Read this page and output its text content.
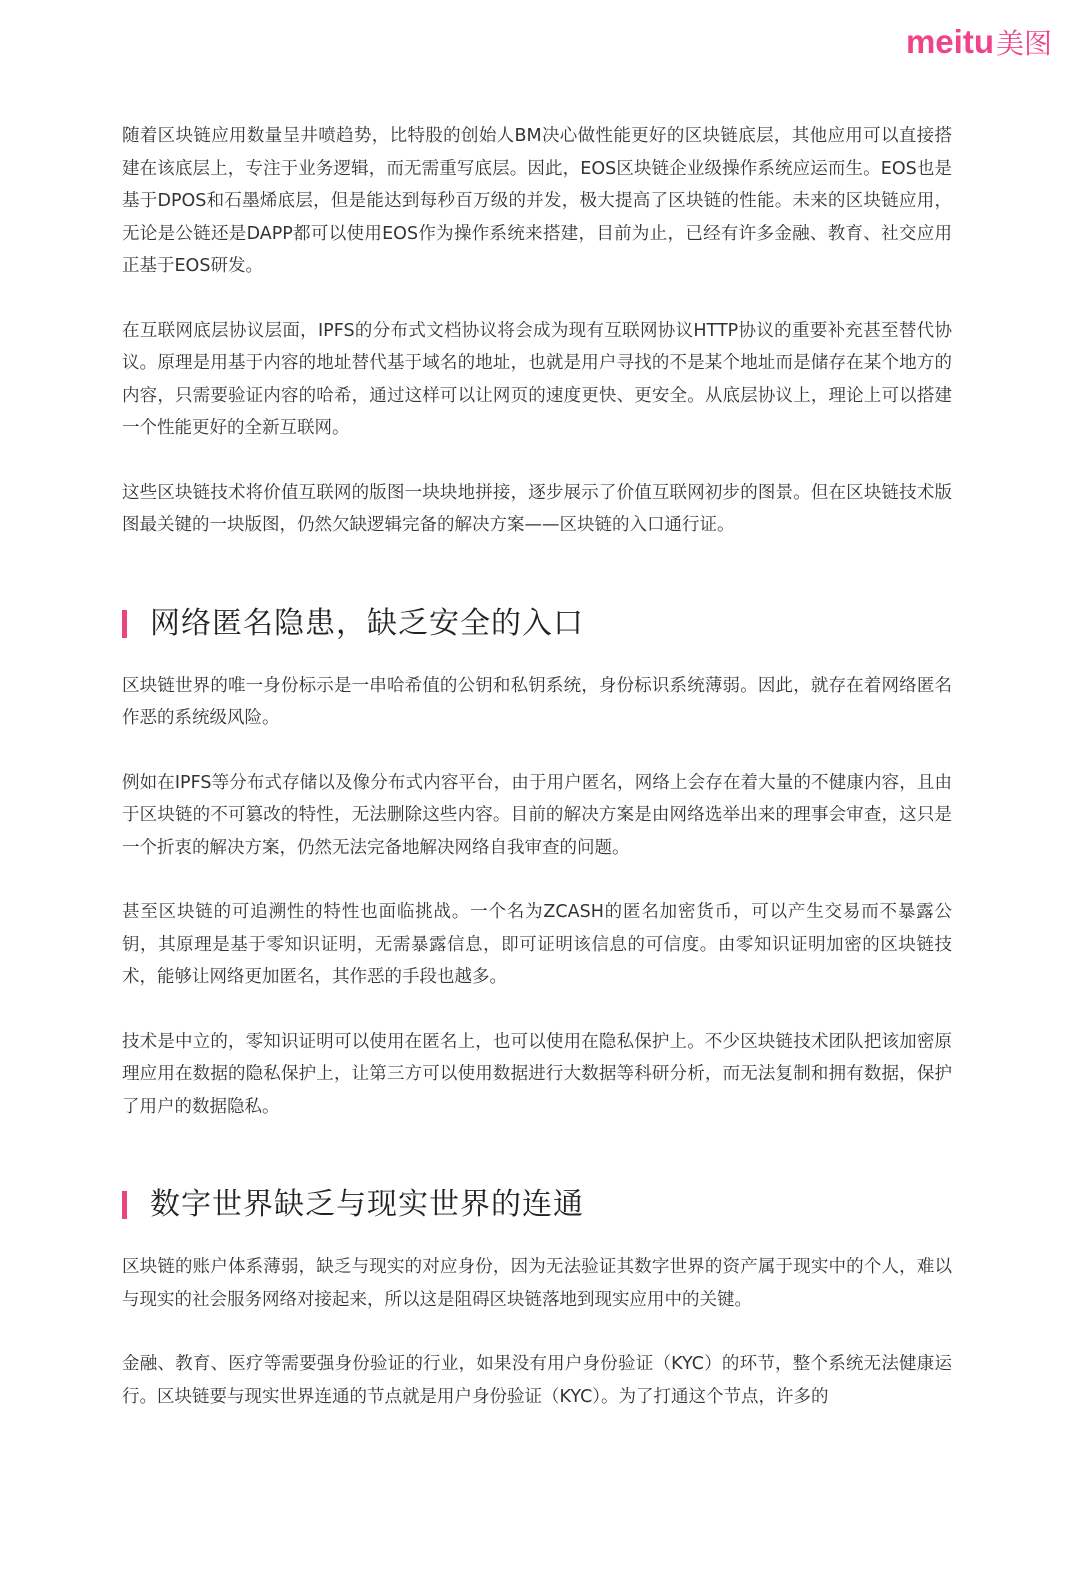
meitu 美图

随着区块链应用数量呈井喷趋势，比特股的创始人BM决心做性能更好的区块链底层，其他应用可以直接搭建在该底层上，专注于业务逻辑，而无需重写底层。因此，EOS区块链企业级操作系统应运而生。EOS也是基于DPOS和石墨烯底层，但是能达到每秒百万级的并发，极大提高了区块链的性能。未来的区块链应用，无论是公链还是DAPP都可以使用EOS作为操作系统来搭建，目前为止，已经有许多金融、教育、社交应用正基于EOS研发。

在互联网底层协议层面，IPFS的分布式文档协议将会成为现有互联网协议HTTP协议的重要补充甚至替代协议。原理是用基于内容的地址替代基于域名的地址，也就是用户寻找的不是某个地址而是储存在某个地方的内容，只需要验证内容的哈希，通过这样可以让网页的速度更快、更安全。从底层协议上，理论上可以搭建一个性能更好的全新互联网。

这些区块链技术将价值互联网的版图一块块地拼接，逐步展示了价值互联网初步的图景。但在区块链技术版图最关键的一块版图，仍然欠缺逻辑完备的解决方案——区块链的入口通行证。

网络匿名隐患，缺乏安全的入口

区块链世界的唯一身份标示是一串哈希值的公钥和私钥系统，身份标识系统薄弱。因此，就存在着网络匿名作恶的系统级风险。

例如在IPFS等分布式存储以及像分布式内容平台，由于用户匿名，网络上会存在着大量的不健康内容，且由于区块链的不可篡改的特性，无法删除这些内容。目前的解决方案是由网络选举出来的理事会审查，这只是一个折衷的解决方案，仍然无法完备地解决网络自我审查的问题。

甚至区块链的可追溯性的特性也面临挑战。一个名为ZCASH的匿名加密货币，可以产生交易而不暴露公钥，其原理是基于零知识证明，无需暴露信息，即可证明该信息的可信度。由零知识证明加密的区块链技术，能够让网络更加匿名，其作恶的手段也越多。

技术是中立的，零知识证明可以使用在匿名上，也可以使用在隐私保护上。不少区块链技术团队把该加密原理应用在数据的隐私保护上，让第三方可以使用数据进行大数据等科研分析，而无法复制和拥有数据，保护了用户的数据隐私。

数字世界缺乏与现实世界的连通

区块链的账户体系薄弱，缺乏与现实的对应身份，因为无法验证其数字世界的资产属于现实中的个人，难以与现实的社会服务网络对接起来，所以这是阻碍区块链落地到现实应用中的关键。

金融、教育、医疗等需要强身份验证的行业，如果没有用户身份验证（KYC）的环节，整个系统无法健康运行。区块链要与现实世界连通的节点就是用户身份验证（KYC）。为了打通这个节点，许多的
